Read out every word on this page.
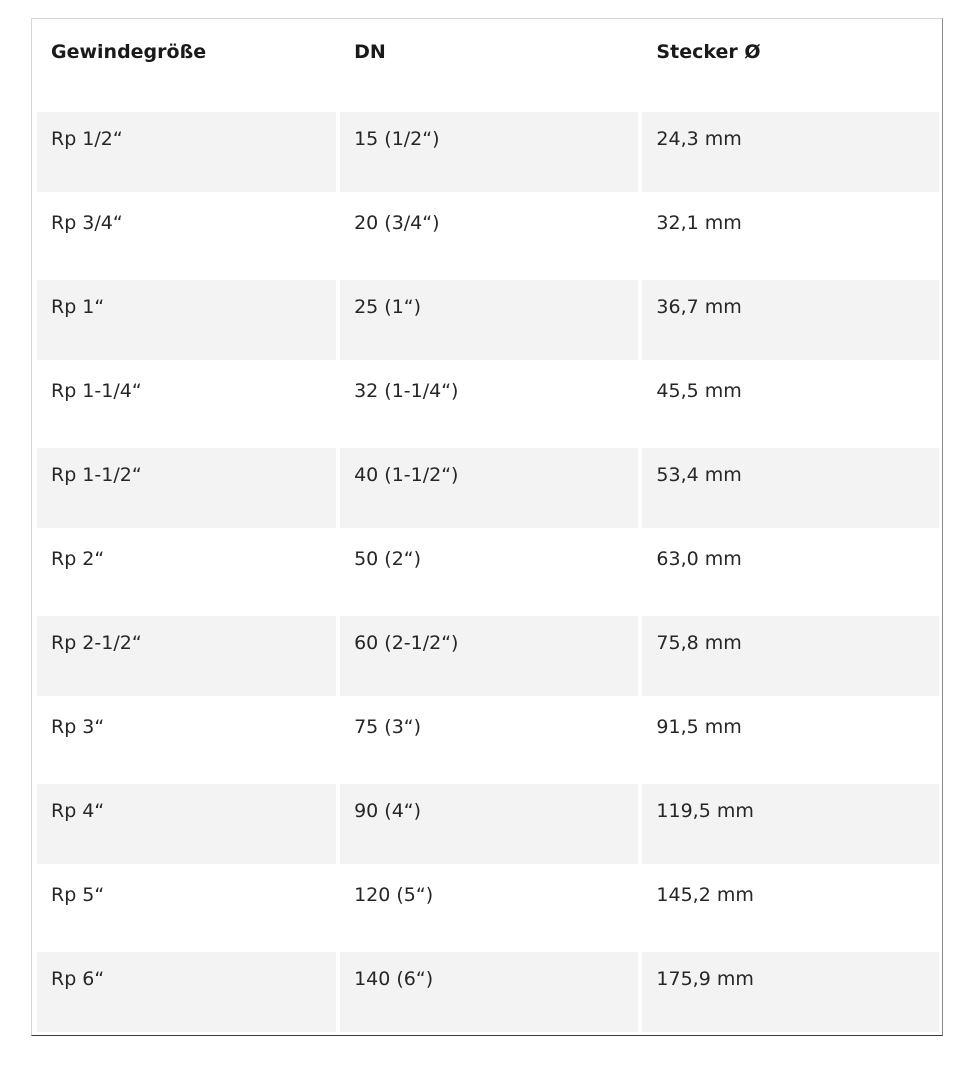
Gewindegröße	DN	Stecker Ø
Rp 1/2“	15 (1/2“)	24,3 mm
Rp 3/4“	20 (3/4“)	32,1 mm
Rp 1“	25 (1“)	36,7 mm
Rp 1-1/4“	32 (1-1/4“)	45,5 mm
Rp 1-1/2“	40 (1-1/2“)	53,4 mm
Rp 2“	50 (2“)	63,0 mm
Rp 2-1/2“	60 (2-1/2“)	75,8 mm
Rp 3“	75 (3“)	91,5 mm
Rp 4“	90 (4“)	119,5 mm
Rp 5“	120 (5“)	145,2 mm
Rp 6“	140 (6“)	175,9 mm
